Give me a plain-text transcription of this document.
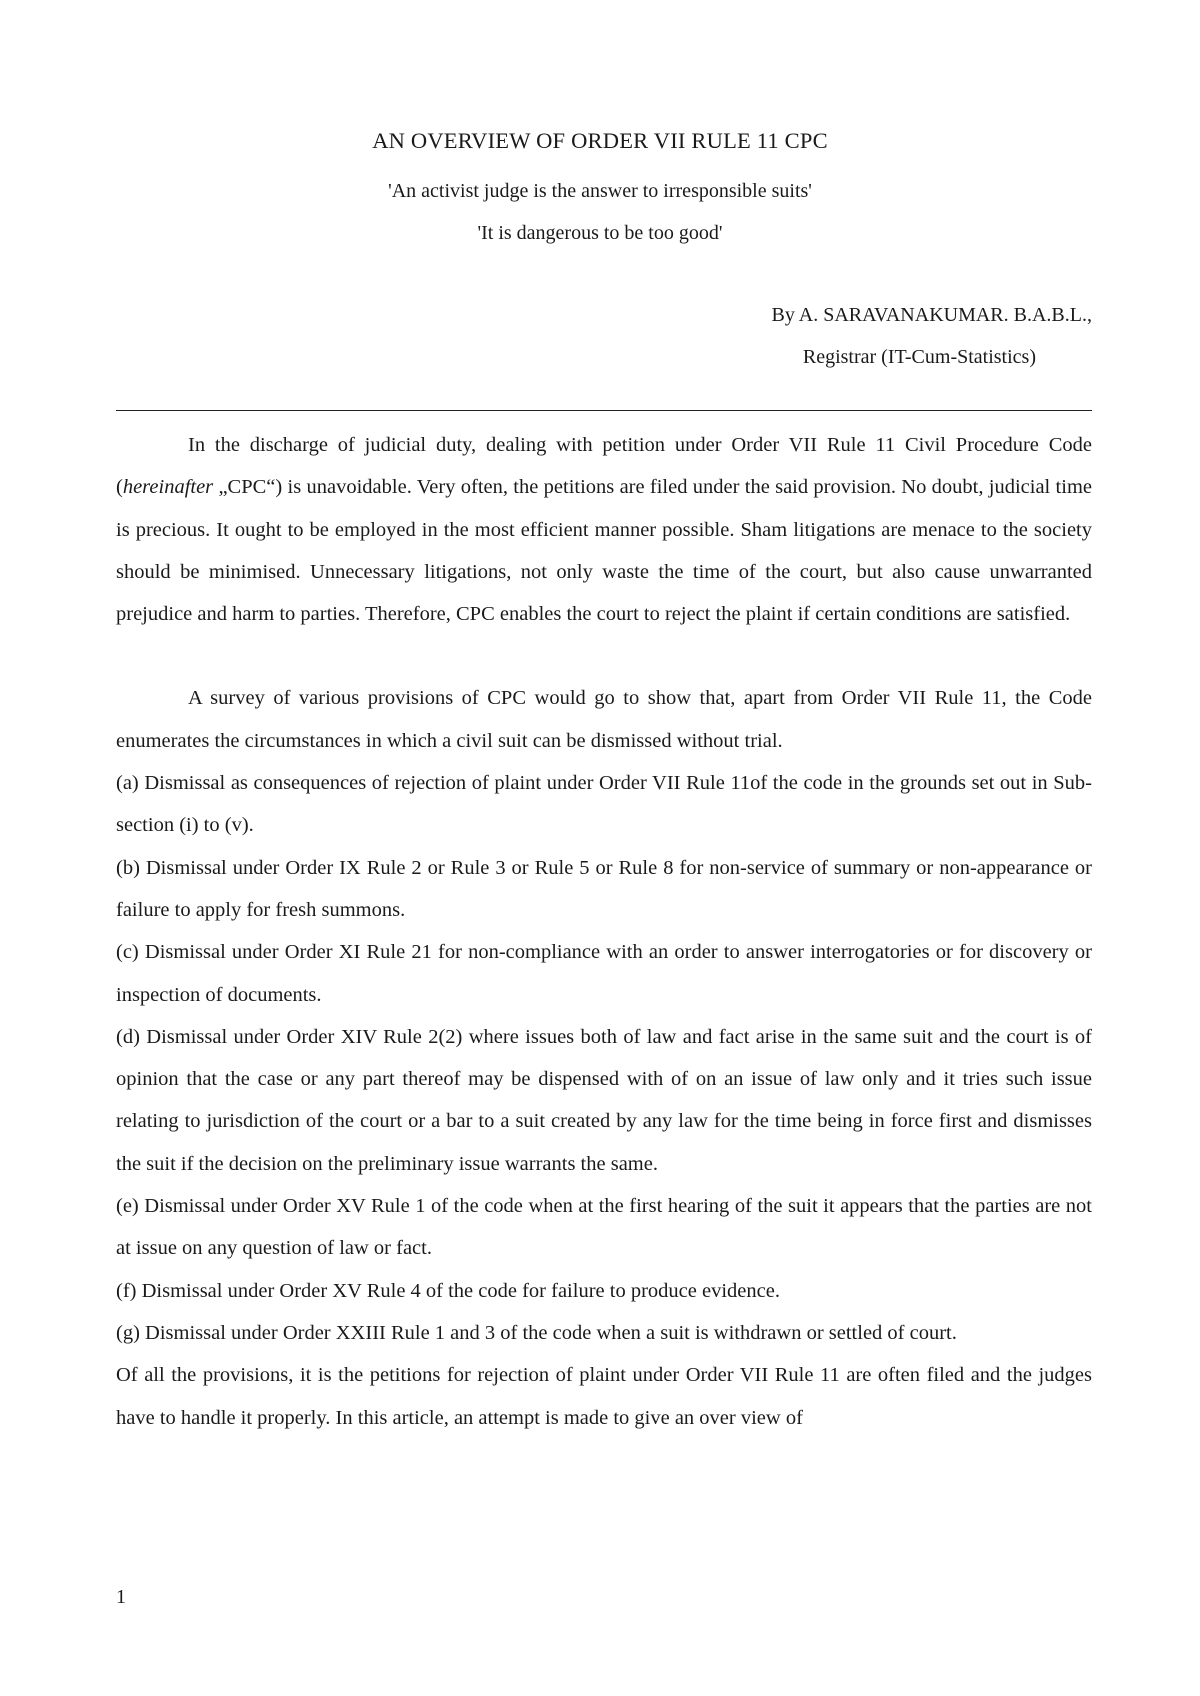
AN OVERVIEW OF ORDER VII RULE 11 CPC
'An activist judge is the answer to irresponsible suits'
'It is dangerous to be too good'
By A. SARAVANAKUMAR. B.A.B.L.,
Registrar (IT-Cum-Statistics)

In the discharge of judicial duty, dealing with petition under Order VII Rule 11 Civil Procedure Code (hereinafter „CPC“) is unavoidable. Very often, the petitions are filed under the said provision. No doubt, judicial time is precious. It ought to be employed in the most efficient manner possible. Sham litigations are menace to the society should be minimised. Unnecessary litigations, not only waste the time of the court, but also cause unwarranted prejudice and harm to parties. Therefore, CPC enables the court to reject the plaint if certain conditions are satisfied.

A survey of various provisions of CPC would go to show that, apart from Order VII Rule 11, the Code enumerates the circumstances in which a civil suit can be dismissed without trial.

(a) Dismissal as consequences of rejection of plaint under Order VII Rule 11of the code in the grounds set out in Sub-section (i) to (v).

(b) Dismissal under Order IX Rule 2 or Rule 3 or Rule 5 or Rule 8 for non-service of summary or non-appearance or failure to apply for fresh summons.

(c) Dismissal under Order XI Rule 21 for non-compliance with an order to answer interrogatories or for discovery or inspection of documents.

(d) Dismissal under Order XIV Rule 2(2) where issues both of law and fact arise in the same suit and the court is of opinion that the case or any part thereof may be dispensed with of on an issue of law only and it tries such issue relating to jurisdiction of the court or a bar to a suit created by any law for the time being in force first and dismisses the suit if the decision on the preliminary issue warrants the same.

(e) Dismissal under Order XV Rule 1 of the code when at the first hearing of the suit it appears that the parties are not at issue on any question of law or fact.

(f) Dismissal under Order XV Rule 4 of the code for failure to produce evidence.

(g) Dismissal under Order XXIII Rule 1 and 3 of the code when a suit is withdrawn or settled of court.

Of all the provisions, it is the petitions for rejection of plaint under Order VII Rule 11 are often filed and the judges have to handle it properly. In this article, an attempt is made to give an over view of

1
